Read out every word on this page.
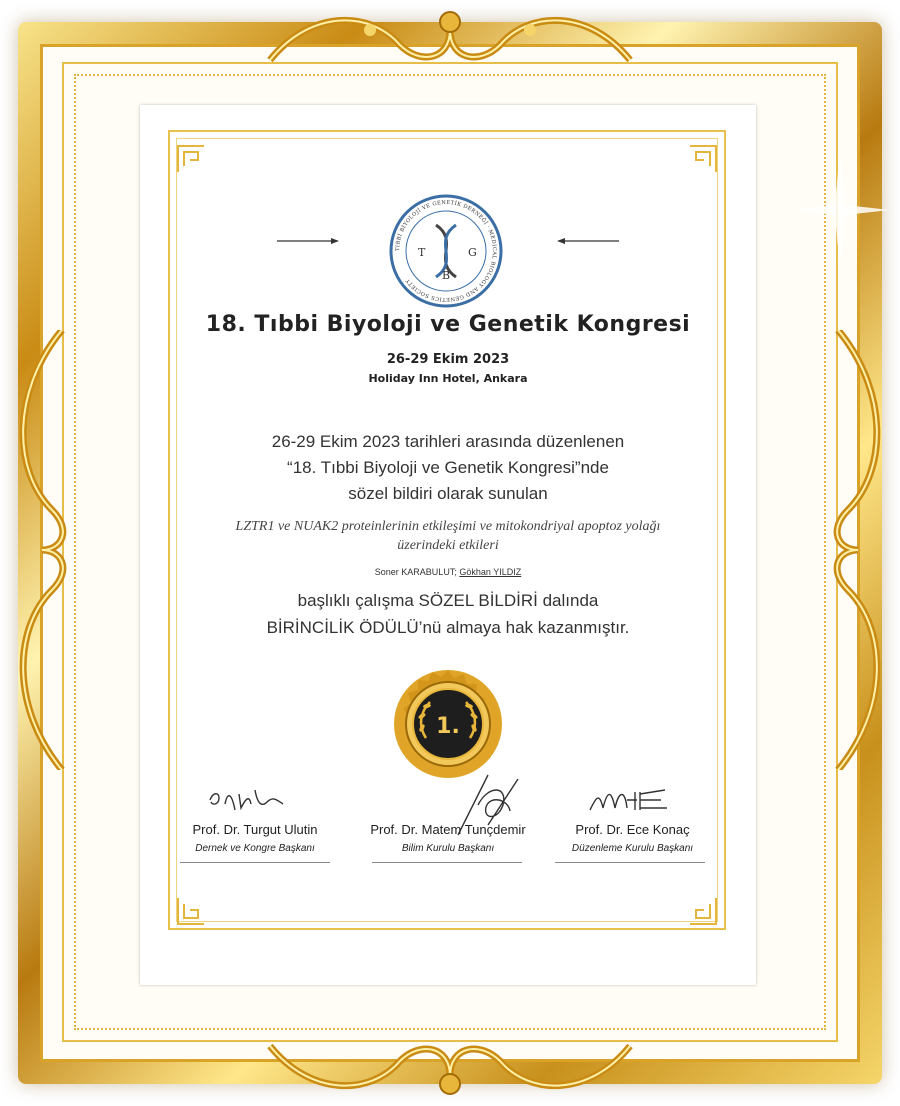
TIBBİ BİYOLOJİ VE GENETİK DERNEĞİ · MEDICAL BIOLOGY AND GENETICS SOCIETY
T	G
B
18. Tıbbi Biyoloji ve Genetik Kongresi
26-29 Ekim 2023
Holiday Inn Hotel, Ankara
26-29 Ekim 2023 tarihleri arasında düzenlenen
“18. Tıbbi Biyoloji ve Genetik Kongresi”nde
sözel bildiri olarak sunulan
LZTR1 ve NUAK2 proteinlerinin etkileşimi ve mitokondriyal apoptoz yolağı
üzerindeki etkileri
Soner KARABULUT; Gökhan YILDIZ
başlıklı çalışma SÖZEL BİLDİRİ dalında
BİRİNCİLİK ÖDÜLÜ’nü almaya hak kazanmıştır.
1.
Prof. Dr. Turgut Ulutin
Dernek ve Kongre Başkanı
Prof. Dr. Matem Tunçdemir
Bilim Kurulu Başkanı
Prof. Dr. Ece Konaç
Düzenleme Kurulu Başkanı
